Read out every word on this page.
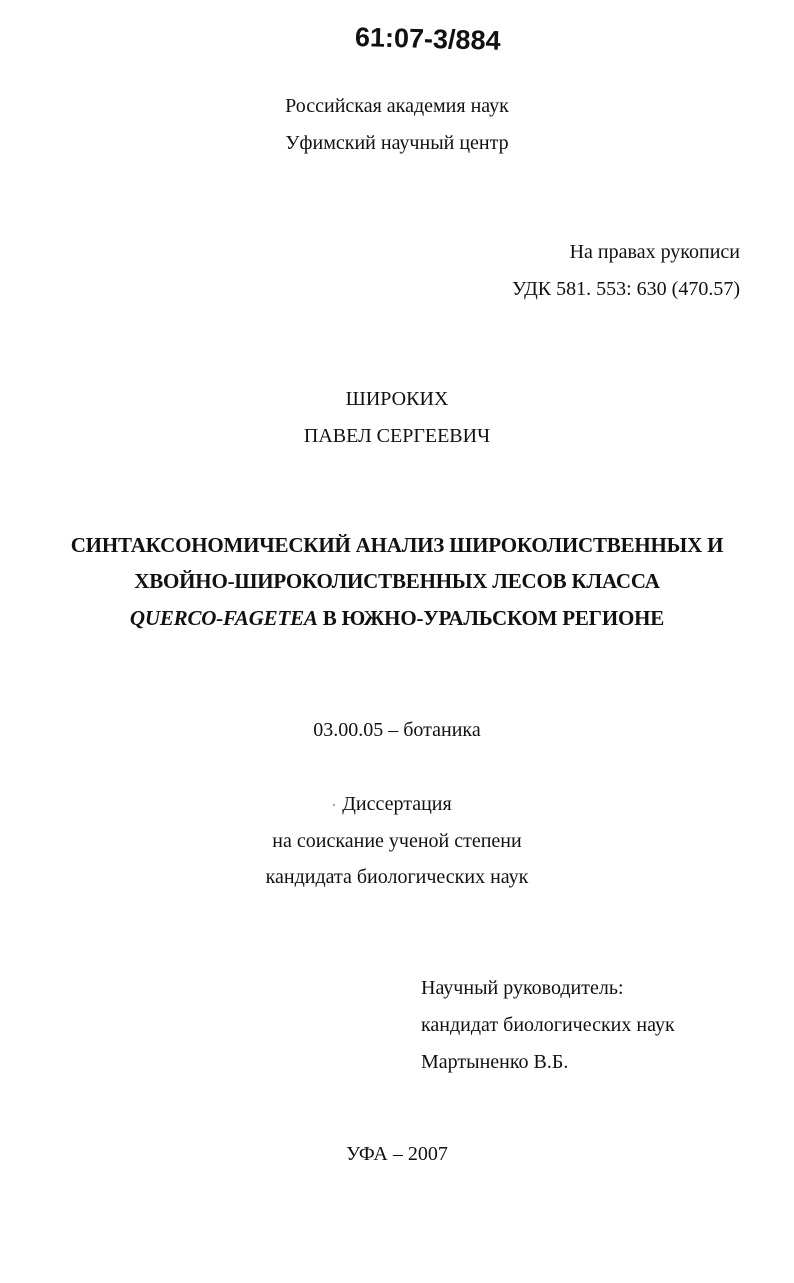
61:07-3/884
Российская академия наук
Уфимский научный центр
На правах рукописи
УДК 581. 553: 630 (470.57)
ШИРОКИХ
ПАВЕЛ СЕРГЕЕВИЧ
СИНТАКСОНОМИЧЕСКИЙ АНАЛИЗ ШИРОКОЛИСТВЕННЫХ И
ХВОЙНО-ШИРОКОЛИСТВЕННЫХ ЛЕСОВ КЛАССА
QUERCO-FAGETEA В ЮЖНО-УРАЛЬСКОМ РЕГИОНЕ
03.00.05 – ботаника
Диссертация
на соискание ученой степени
кандидата биологических наук
Научный руководитель:
кандидат биологических наук
Мартыненко В.Б.
УФА – 2007
